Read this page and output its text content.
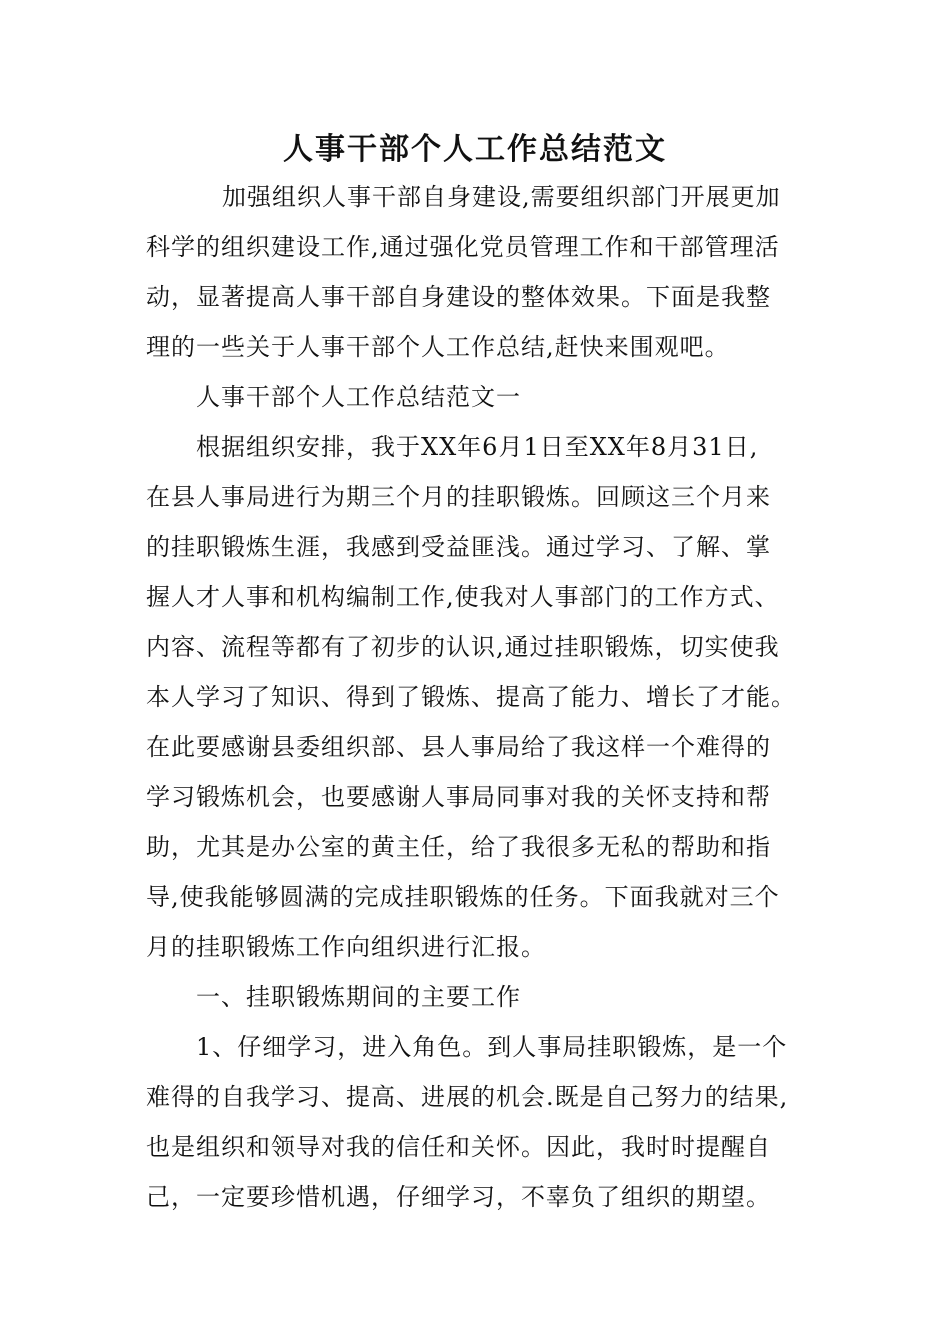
人事干部个人工作总结范文
加强组织人事干部自身建设,需要组织部门开展更加
科学的组织建设工作,通过强化党员管理工作和干部管理活
动，显著提高人事干部自身建设的整体效果。下面是我整
理的一些关于人事干部个人工作总结,赶快来围观吧。
人事干部个人工作总结范文一
根据组织安排，我于XX年6月1日至XX年8月31日,
在县人事局进行为期三个月的挂职锻炼。回顾这三个月来
的挂职锻炼生涯，我感到受益匪浅。通过学习、了解、掌
握人才人事和机构编制工作,使我对人事部门的工作方式、
内容、流程等都有了初步的认识,通过挂职锻炼，切实使我
本人学习了知识、得到了锻炼、提高了能力、增长了才能。
在此要感谢县委组织部、县人事局给了我这样一个难得的
学习锻炼机会，也要感谢人事局同事对我的关怀支持和帮
助，尤其是办公室的黄主任，给了我很多无私的帮助和指
导,使我能够圆满的完成挂职锻炼的任务。下面我就对三个
月的挂职锻炼工作向组织进行汇报。
一、挂职锻炼期间的主要工作
1、仔细学习，进入角色。到人事局挂职锻炼，是一个
难得的自我学习、提高、进展的机会.既是自己努力的结果,
也是组织和领导对我的信任和关怀。因此，我时时提醒自
己，一定要珍惜机遇，仔细学习，不辜负了组织的期望。
